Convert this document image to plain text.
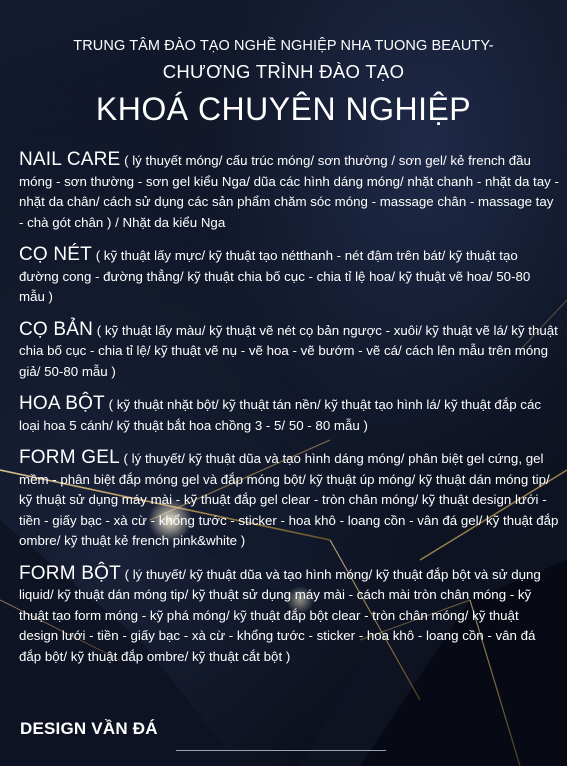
TRUNG TÂM ĐÀO TẠO NGHỀ NGHIỆP NHA TUONG BEAUTY-
CHƯƠNG TRÌNH ĐÀO TẠO
KHOÁ CHUYÊN NGHIỆP
NAIL CARE ( lý thuyết móng/ cấu trúc móng/ sơn thường / sơn gel/ kẻ french đầu móng - sơn thường - sơn gel kiểu Nga/ dũa các hình dáng móng/ nhặt chanh - nhặt da tay - nhặt da chân/ cách sử dụng các sản phẩm chăm sóc móng - massage chân - massage tay - chà gót chân ) / Nhặt da kiểu Nga
CỌ NÉT ( kỹ thuật lấy mực/ kỹ thuật tạo nétthanh - nét đậm trên bát/ kỹ thuật tạo đường cong - đường thẳng/ kỹ thuật chia bố cục - chia tỉ lệ hoa/ kỹ thuật vẽ hoa/ 50-80 mẫu )
CỌ BẢN ( kỹ thuật lấy màu/ kỹ thuật vẽ nét cọ bản ngược - xuôi/ kỹ thuật vẽ lá/ kỹ thuật chia bố cục - chia tỉ lệ/ kỹ thuật vẽ nụ - vẽ hoa - vẽ bướm - vẽ cá/ cách lên mẫu trên móng giả/ 50-80 mẫu )
HOA BỘT ( kỹ thuật nhặt bột/ kỹ thuật tán nền/ kỹ thuật tạo hình lá/ kỹ thuật đắp các loại hoa 5 cánh/ kỹ thuật bắt hoa chồng 3 - 5/ 50 - 80 mẫu )
FORM GEL ( lý thuyết/ kỹ thuật dũa và tạo hình dáng móng/ phân biệt gel cứng, gel mềm - phân biệt đắp móng gel và đắp móng bột/ kỹ thuật úp móng/ kỹ thuật dán móng tip/ kỹ thuật sử dụng máy mài - kỹ thuật đắp gel clear - tròn chân móng/ kỹ thuật design lưới - tiền - giấy bạc - xà cừ - khổng tước - sticker - hoa khô - loang cồn - vân đá gel/ kỹ thuật đắp ombre/ kỹ thuật kẻ french pink&white )
FORM BỘT ( lý thuyết/ kỹ thuật dũa và tạo hình móng/ kỹ thuật đắp bột và sử dụng liquid/ kỹ thuật dán móng tip/ kỹ thuật sử dụng máy mài - cách mài tròn chân móng - kỹ thuật tạo form móng - kỹ phá móng/ kỹ thuật đắp bột clear - tròn chân móng/ kỹ thuật design lưới - tiền - giấy bạc - xà cừ - khổng tước - sticker - hoa khô - loang cồn - vân đá đắp bột/ kỹ thuật đắp ombre/ kỹ thuật cắt bột )
DESIGN VẦN ĐÁ
